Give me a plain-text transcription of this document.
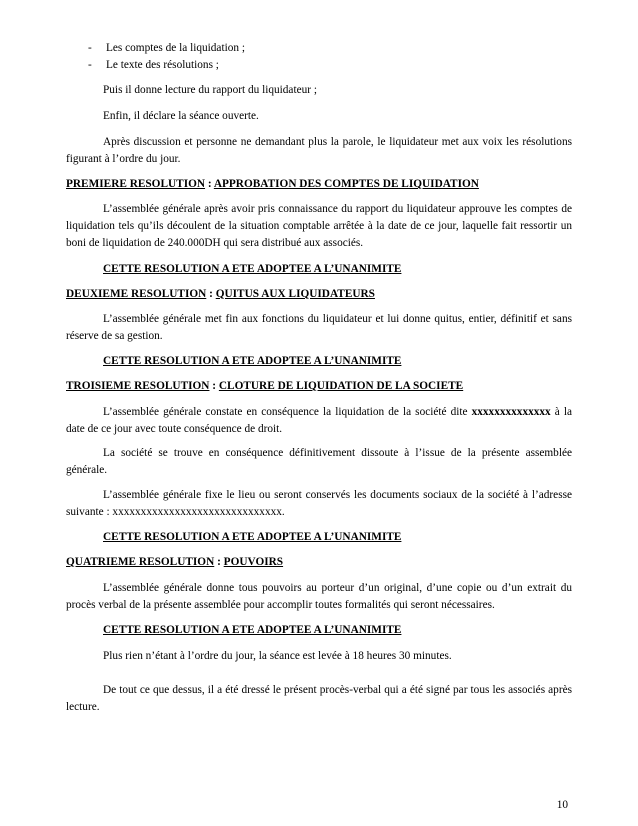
- Les comptes de la liquidation ;
- Le texte des résolutions ;
Puis il donne lecture du rapport du liquidateur ;
Enfin, il déclare la séance ouverte.
Après discussion et personne ne demandant plus la parole, le liquidateur met aux voix les résolutions figurant à l’ordre du jour.
PREMIERE RESOLUTION : APPROBATION DES COMPTES DE LIQUIDATION
L’assemblée générale après avoir pris connaissance du rapport du liquidateur approuve les comptes de liquidation tels qu’ils découlent de la situation comptable arrêtée à la date de ce jour, laquelle fait ressortir un boni de liquidation de 240.000DH qui sera distribué aux associés.
CETTE RESOLUTION A ETE ADOPTEE A L’UNANIMITE
DEUXIEME RESOLUTION : QUITUS AUX LIQUIDATEURS
L’assemblée générale met fin aux fonctions du liquidateur et lui donne quitus, entier, définitif et sans réserve de sa gestion.
CETTE RESOLUTION A ETE ADOPTEE A L’UNANIMITE
TROISIEME RESOLUTION : CLOTURE DE LIQUIDATION DE LA SOCIETE
L’assemblée générale constate en conséquence la liquidation de la société dite xxxxxxxxxxxxxx à la date de ce jour avec toute conséquence de droit.
La société se trouve en conséquence définitivement dissoute à l’issue de la présente assemblée générale.
L’assemblée générale fixe le lieu ou seront conservés les documents sociaux de la société à l’adresse suivante : xxxxxxxxxxxxxxxxxxxxxxxxxxxxxx.
CETTE RESOLUTION A ETE ADOPTEE A L’UNANIMITE
QUATRIEME RESOLUTION : POUVOIRS
L’assemblée générale donne tous pouvoirs au porteur d’un original, d’une copie ou d’un extrait du procès verbal de la présente assemblée pour accomplir toutes formalités qui seront nécessaires.
CETTE RESOLUTION A ETE ADOPTEE A L’UNANIMITE
Plus rien n’étant à l’ordre du jour, la séance est levée à 18 heures 30 minutes.
De tout ce que dessus, il a été dressé le présent procès-verbal qui a été signé par tous les associés après lecture.
10
